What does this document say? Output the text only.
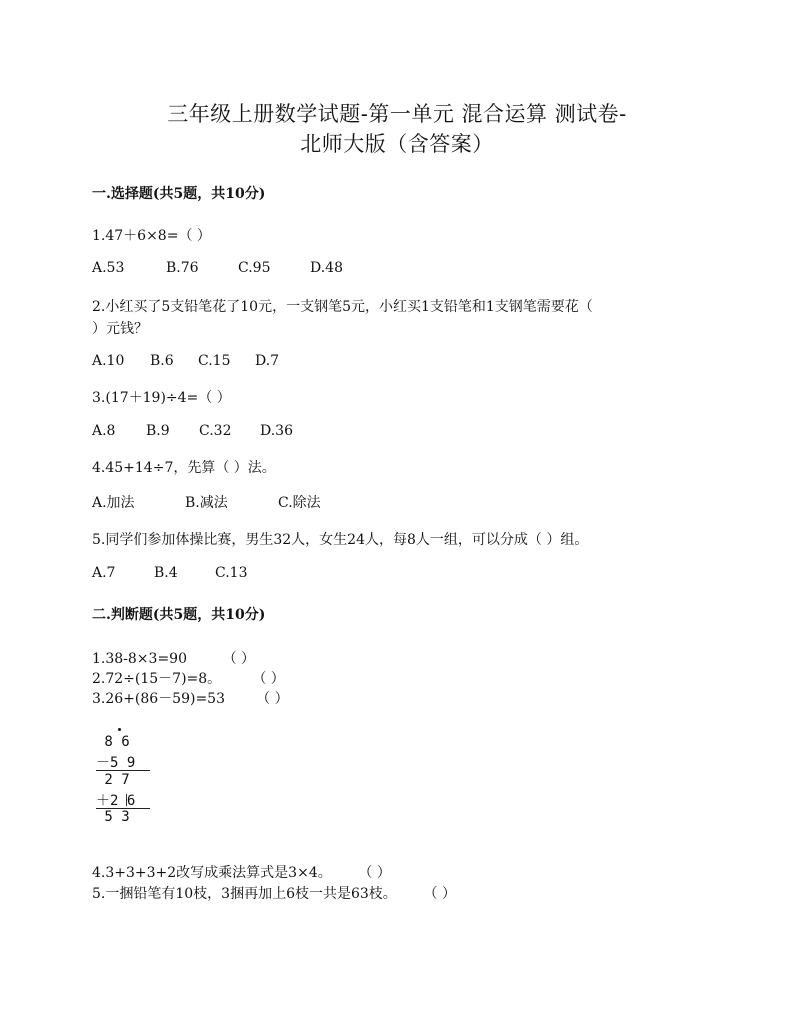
三年级上册数学试题-第一单元 混合运算 测试卷-
北师大版（含答案）
一.选择题(共5题，共10分)
1.47＋6×8=（ ）
A.53	B.76	C.95	D.48
2.小红买了5支铅笔花了10元，一支钢笔5元，小红买1支铅笔和1支钢笔需要花（
）元钱？
A.10	B.6	C.15	D.7
3.(17＋19)÷4=（ ）
A.8	B.9	C.32	D.36
4.45+14÷7，先算（ ）法。
A.加法	B.减法	C.除法
5.同学们参加体操比赛，男生32人，女生24人，每8人一组，可以分成（ ）组。
A.7	B.4	C.13
二.判断题(共5题，共10分)
1.38-8×3=90        （ ）
2.72÷(15－7)=8。       （ ）
3.26+(86－59)=53       （ ）
8 6
－5 9
2 7
＋2 6
5 3
4.3+3+3+2改写成乘法算式是3×4。      （ ）
5.一捆铅笔有10枝，3捆再加上6枝一共是63枝。      （ ）
